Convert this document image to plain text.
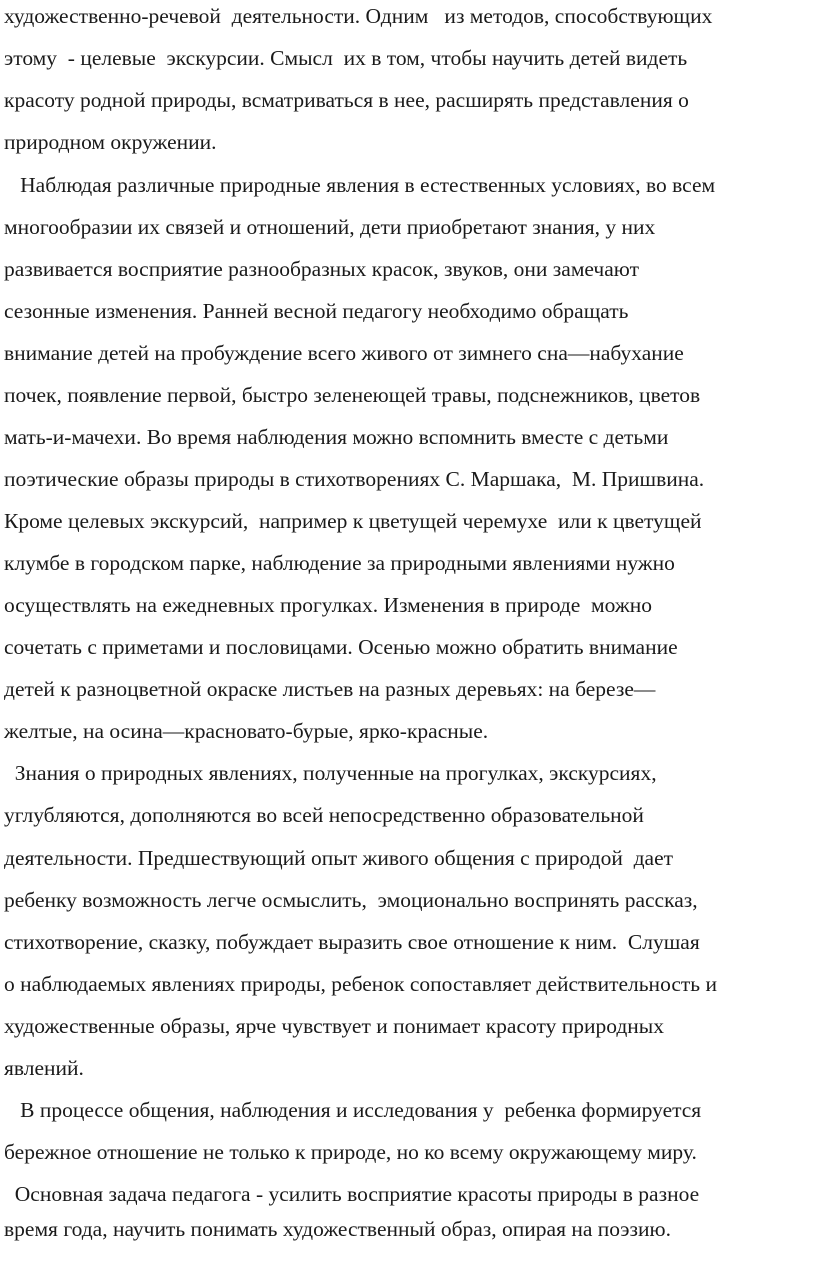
художественно-речевой  деятельности. Одним   из методов, способствующих
этому  - целевые  экскурсии. Смысл  их в том, чтобы научить детей видеть
красоту родной природы, всматриваться в нее, расширять представления о
природном окружении.
Наблюдая различные природные явления в естественных условиях, во всем
многообразии их связей и отношений, дети приобретают знания, у них
развивается восприятие разнообразных красок, звуков, они замечают
сезонные изменения. Ранней весной педагогу необходимо обращать
внимание детей на пробуждение всего живого от зимнего сна—набухание
почек, появление первой, быстро зеленеющей травы, подснежников, цветов
мать-и-мачехи. Во время наблюдения можно вспомнить вместе с детьми
поэтические образы природы в стихотворениях С. Маршака,  М. Пришвина.
Кроме целевых экскурсий,  например к цветущей черемухе  или к цветущей
клумбе в городском парке, наблюдение за природными явлениями нужно
осуществлять на ежедневных прогулках. Изменения в природе  можно
сочетать с приметами и пословицами. Осенью можно обратить внимание
детей к разноцветной окраске листьев на разных деревьях: на березе—
желтые, на осина—красновато-бурые, ярко-красные.
Знания о природных явлениях, полученные на прогулках, экскурсиях,
углубляются, дополняются во всей непосредственно образовательной
деятельности. Предшествующий опыт живого общения с природой  дает
ребенку возможность легче осмыслить,  эмоционально воспринять рассказ,
стихотворение, сказку, побуждает выразить свое отношение к ним.  Слушая
о наблюдаемых явлениях природы, ребенок сопоставляет действительность и
художественные образы, ярче чувствует и понимает красоту природных
явлений.
В процессе общения, наблюдения и исследования у  ребенка формируется
бережное отношение не только к природе, но ко всему окружающему миру.
Основная задача педагога - усилить восприятие красоты природы в разное
время года, научить понимать художественный образ, опирая на поэзию.
